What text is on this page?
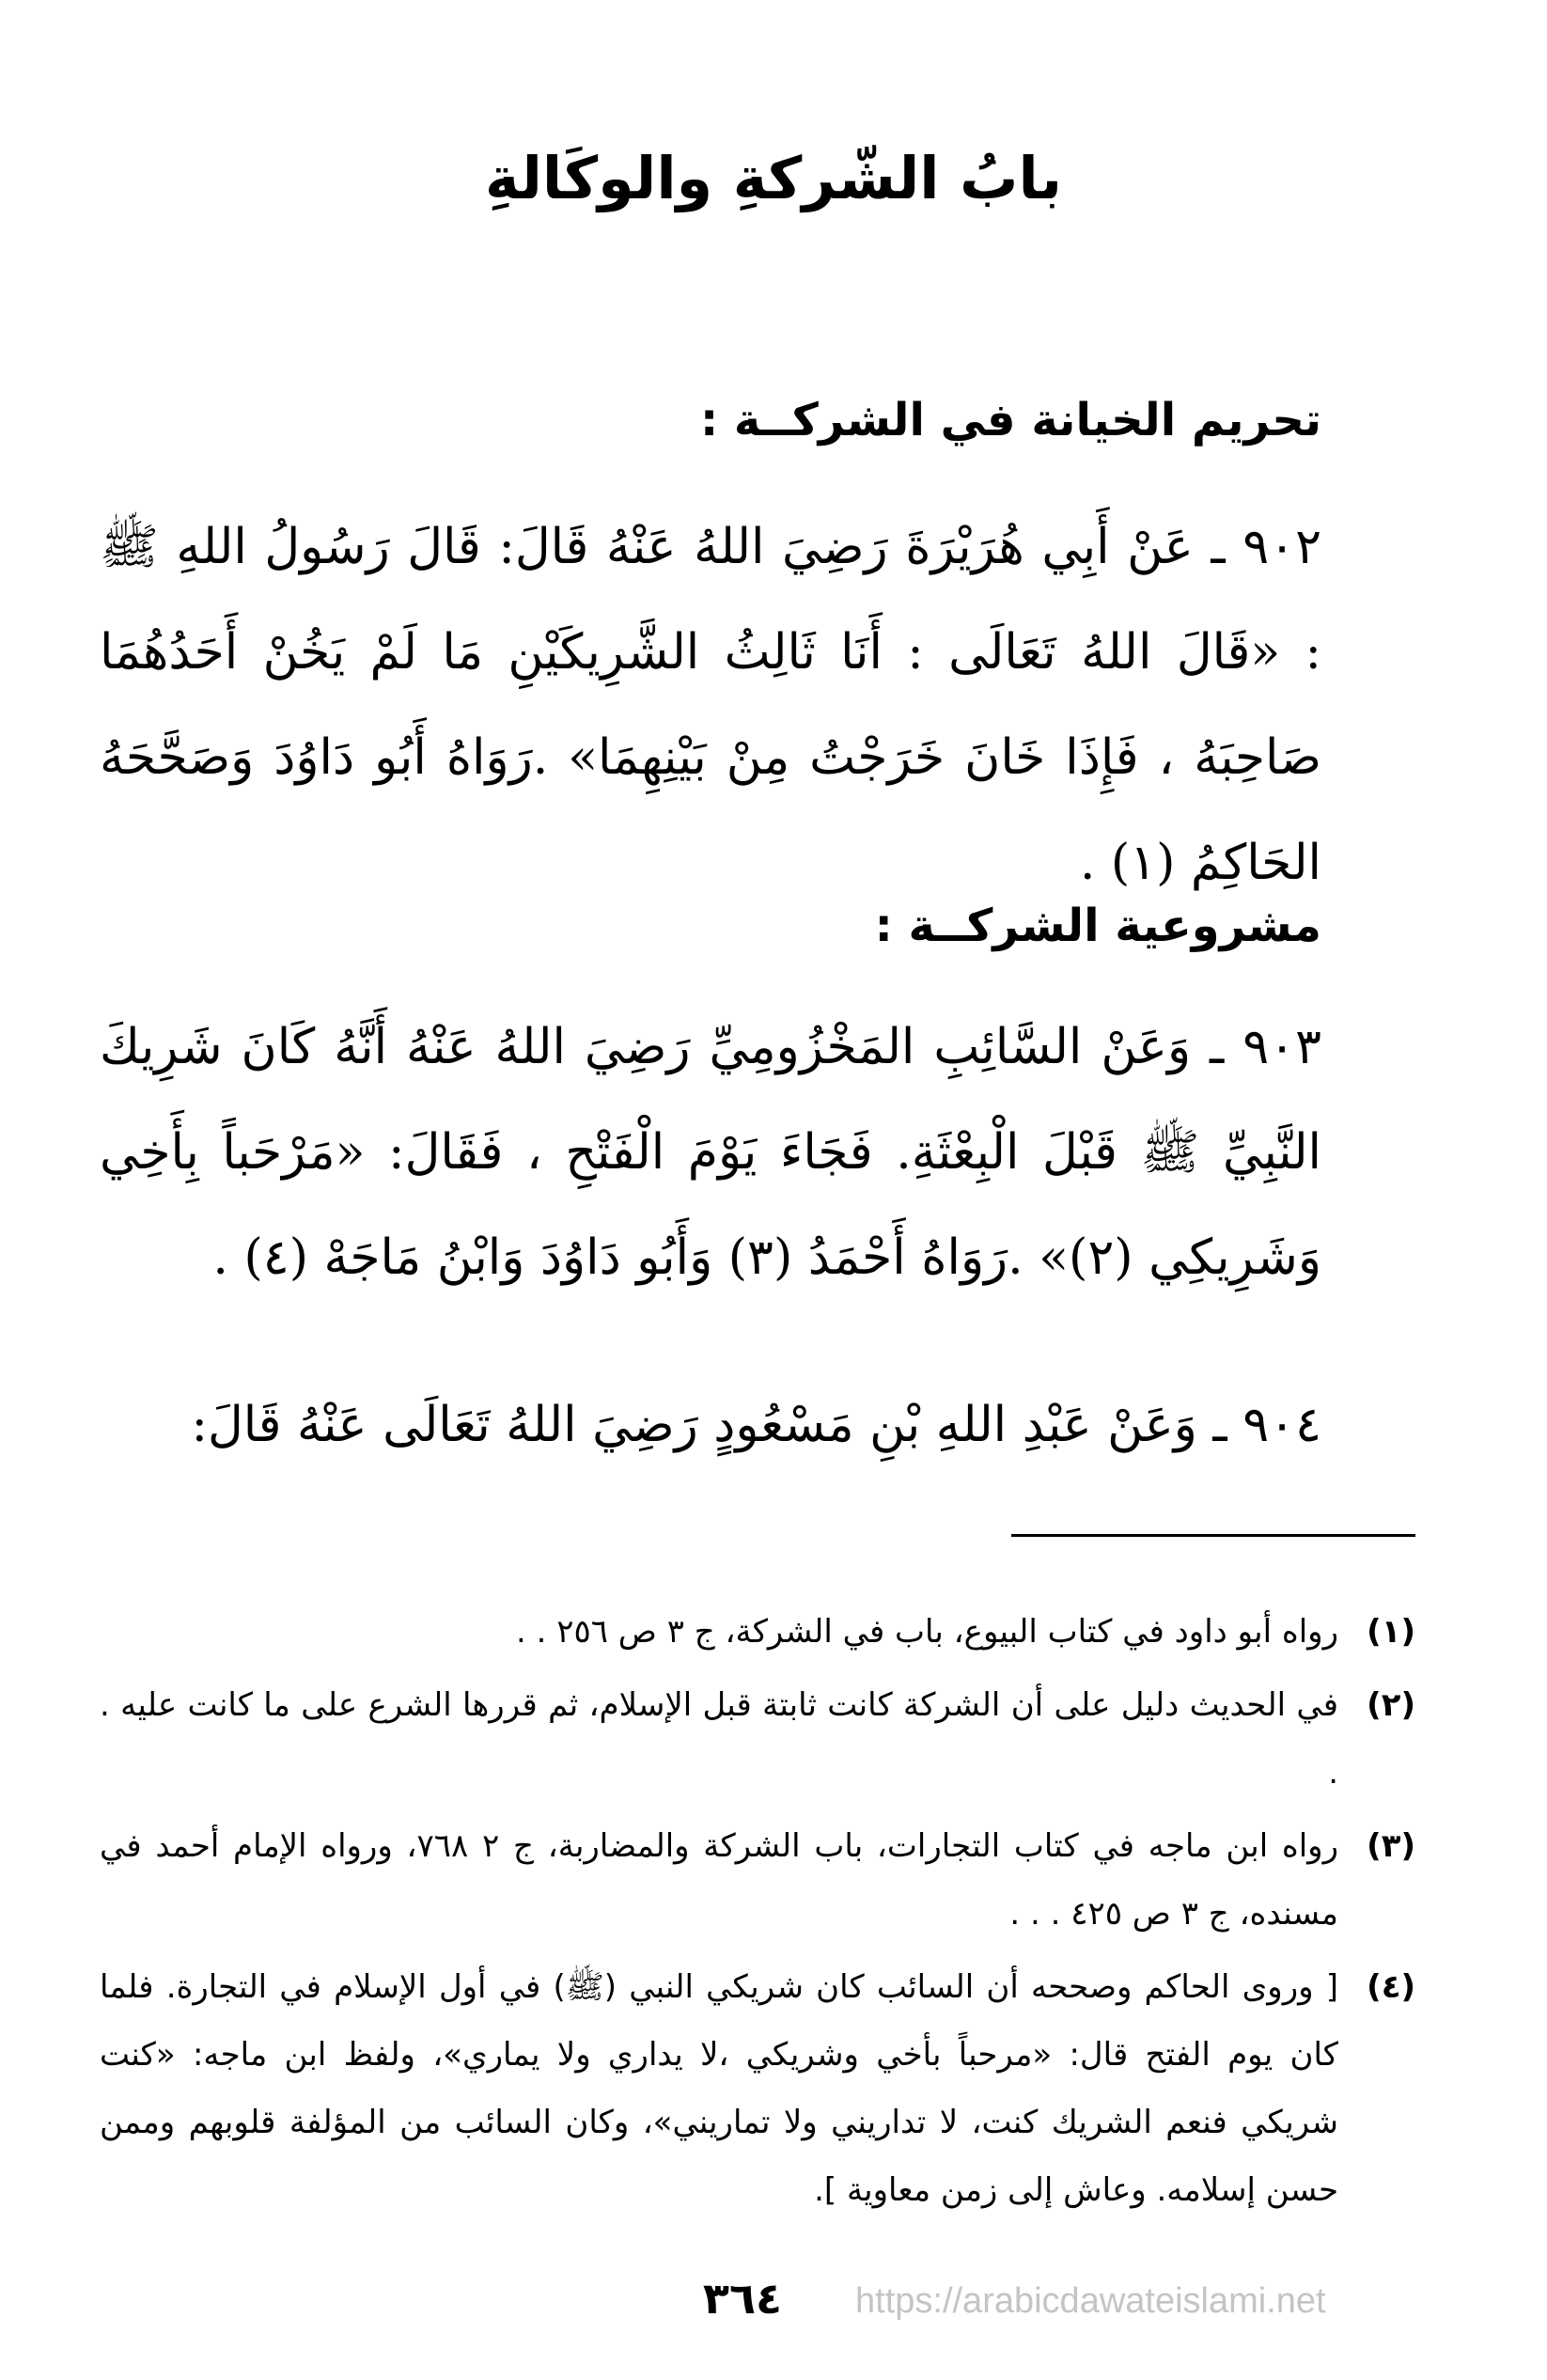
بابُ الشّركةِ والوكَالةِ
تحريم الخيانة في الشركــة :

٩٠٢ ـ عَنْ أَبِي هُرَيْرَةَ رَضِيَ اللهُ عَنْهُ قَالَ: قَالَ رَسُولُ اللهِ ﷺ : «قَالَ اللهُ تَعَالَى : أَنَا ثَالِثُ الشَّرِيكَيْنِ مَا لَمْ يَخُنْ أَحَدُهُمَا صَاحِبَهُ ، فَإِذَا خَانَ خَرَجْتُ مِنْ بَيْنِهِمَا» .رَوَاهُ أَبُو دَاوُدَ وَصَحَّحَهُ الحَاكِمُ (١) .

مشروعية الشركــة :

٩٠٣ ـ وَعَنْ السَّائِبِ المَخْزُومِيِّ رَضِيَ اللهُ عَنْهُ أَنَّهُ كَانَ شَرِيكَ النَّبِيِّ ﷺ قَبْلَ الْبِعْثَةِ. فَجَاءَ يَوْمَ الْفَتْحِ ، فَقَالَ: «مَرْحَباً بِأَخِي وَشَرِيكِي (٢)» .رَوَاهُ أَحْمَدُ (٣) وَأَبُو دَاوُدَ وَابْنُ مَاجَهْ (٤) .

٩٠٤ ـ وَعَنْ عَبْدِ اللهِ بْنِ مَسْعُودٍ رَضِيَ اللهُ تَعَالَى عَنْهُ قَالَ:

(١)
رواه أبو داود في كتاب البيوع، باب في الشركة، ج ٣ ص ٢٥٦ . .
(٢)
في الحديث دليل على أن الشركة كانت ثابتة قبل الإسلام، ثم قررها الشرع على ما كانت عليه . .
(٣)
رواه ابن ماجه في كتاب التجارات، باب الشركة والمضاربة، ج ٢ ٧٦٨، ورواه الإمام أحمد في مسنده، ج ٣ ص ٤٢٥ . . .
(٤)
[ وروى الحاكم وصححه أن السائب كان شريكي النبي (ﷺ) في أول الإسلام في التجارة. فلما كان يوم الفتح قال: «مرحباً بأخي وشريكي ،لا يداري ولا يماري»، ولفظ ابن ماجه: «كنت شريكي فنعم الشريك كنت، لا تداريني ولا تماريني»، وكان السائب من المؤلفة قلوبهم وممن حسن إسلامه. وعاش إلى زمن معاوية ].
٣٦٤	https://arabicdawateislami.net
